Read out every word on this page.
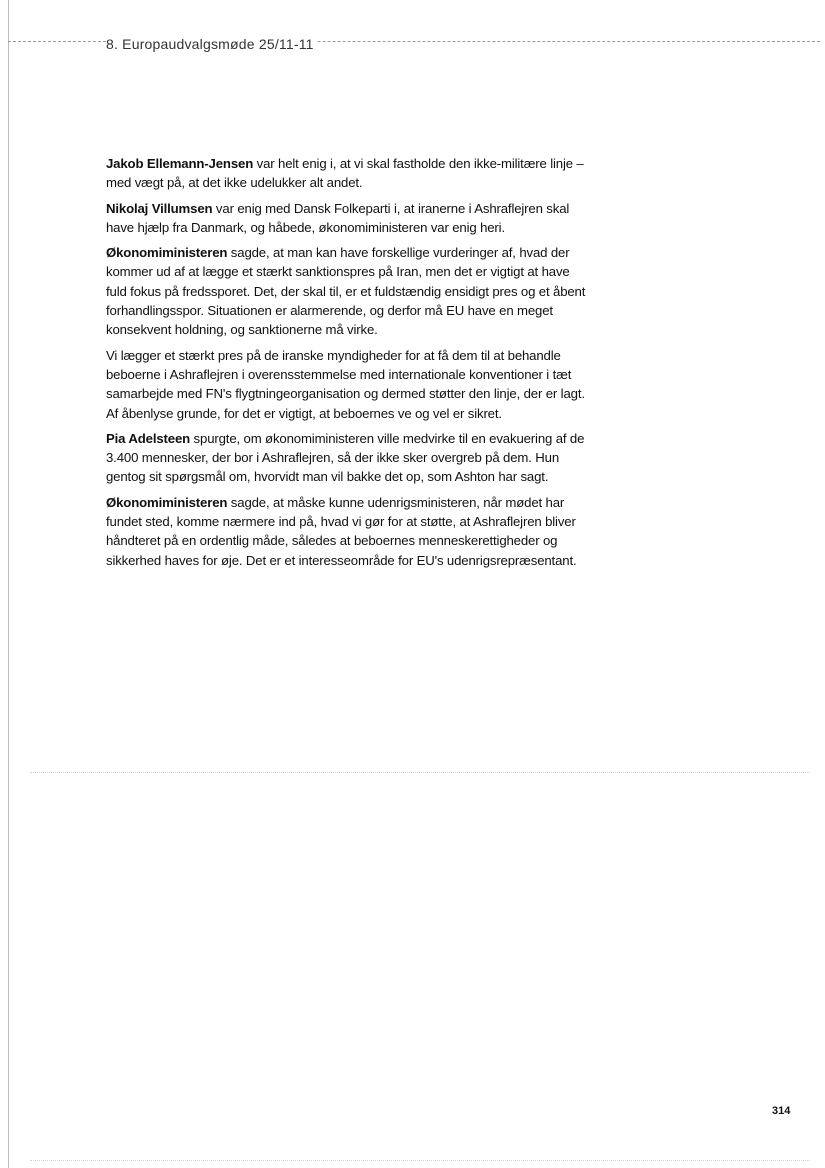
8. Europaudvalgsmøde 25/11-11

Jakob Ellemann-Jensen var helt enig i, at vi skal fastholde den ikke-militære linje – med vægt på, at det ikke udelukker alt andet.

Nikolaj Villumsen var enig med Dansk Folkeparti i, at iranerne i Ashraflejren skal have hjælp fra Danmark, og håbede, økonomiministeren var enig heri.

Økonomiministeren sagde, at man kan have forskellige vurderinger af, hvad der kommer ud af at lægge et stærkt sanktionspres på Iran, men det er vigtigt at have fuld fokus på fredssporet. Det, der skal til, er et fuldstændig ensidigt pres og et åbent forhandlingsspor. Situationen er alarmerende, og derfor må EU have en meget konsekvent holdning, og sanktionerne må virke.

Vi lægger et stærkt pres på de iranske myndigheder for at få dem til at behandle beboerne i Ashraflejren i overensstemmelse med internationale konventioner i tæt samarbejde med FN's flygtningeorganisation og dermed støtter den linje, der er lagt. Af åbenlyse grunde, for det er vigtigt, at beboernes ve og vel er sikret.

Pia Adelsteen spurgte, om økonomiministeren ville medvirke til en evakuering af de 3.400 mennesker, der bor i Ashraflejren, så der ikke sker overgreb på dem. Hun gentog sit spørgsmål om, hvorvidt man vil bakke det op, som Ashton har sagt.

Økonomiministeren sagde, at måske kunne udenrigsministeren, når mødet har fundet sted, komme nærmere ind på, hvad vi gør for at støtte, at Ashraflejren bliver håndteret på en ordentlig måde, således at beboernes menneskerettigheder og sikkerhed haves for øje. Det er et interesseområde for EU's udenrigsrepræsentant.

314
